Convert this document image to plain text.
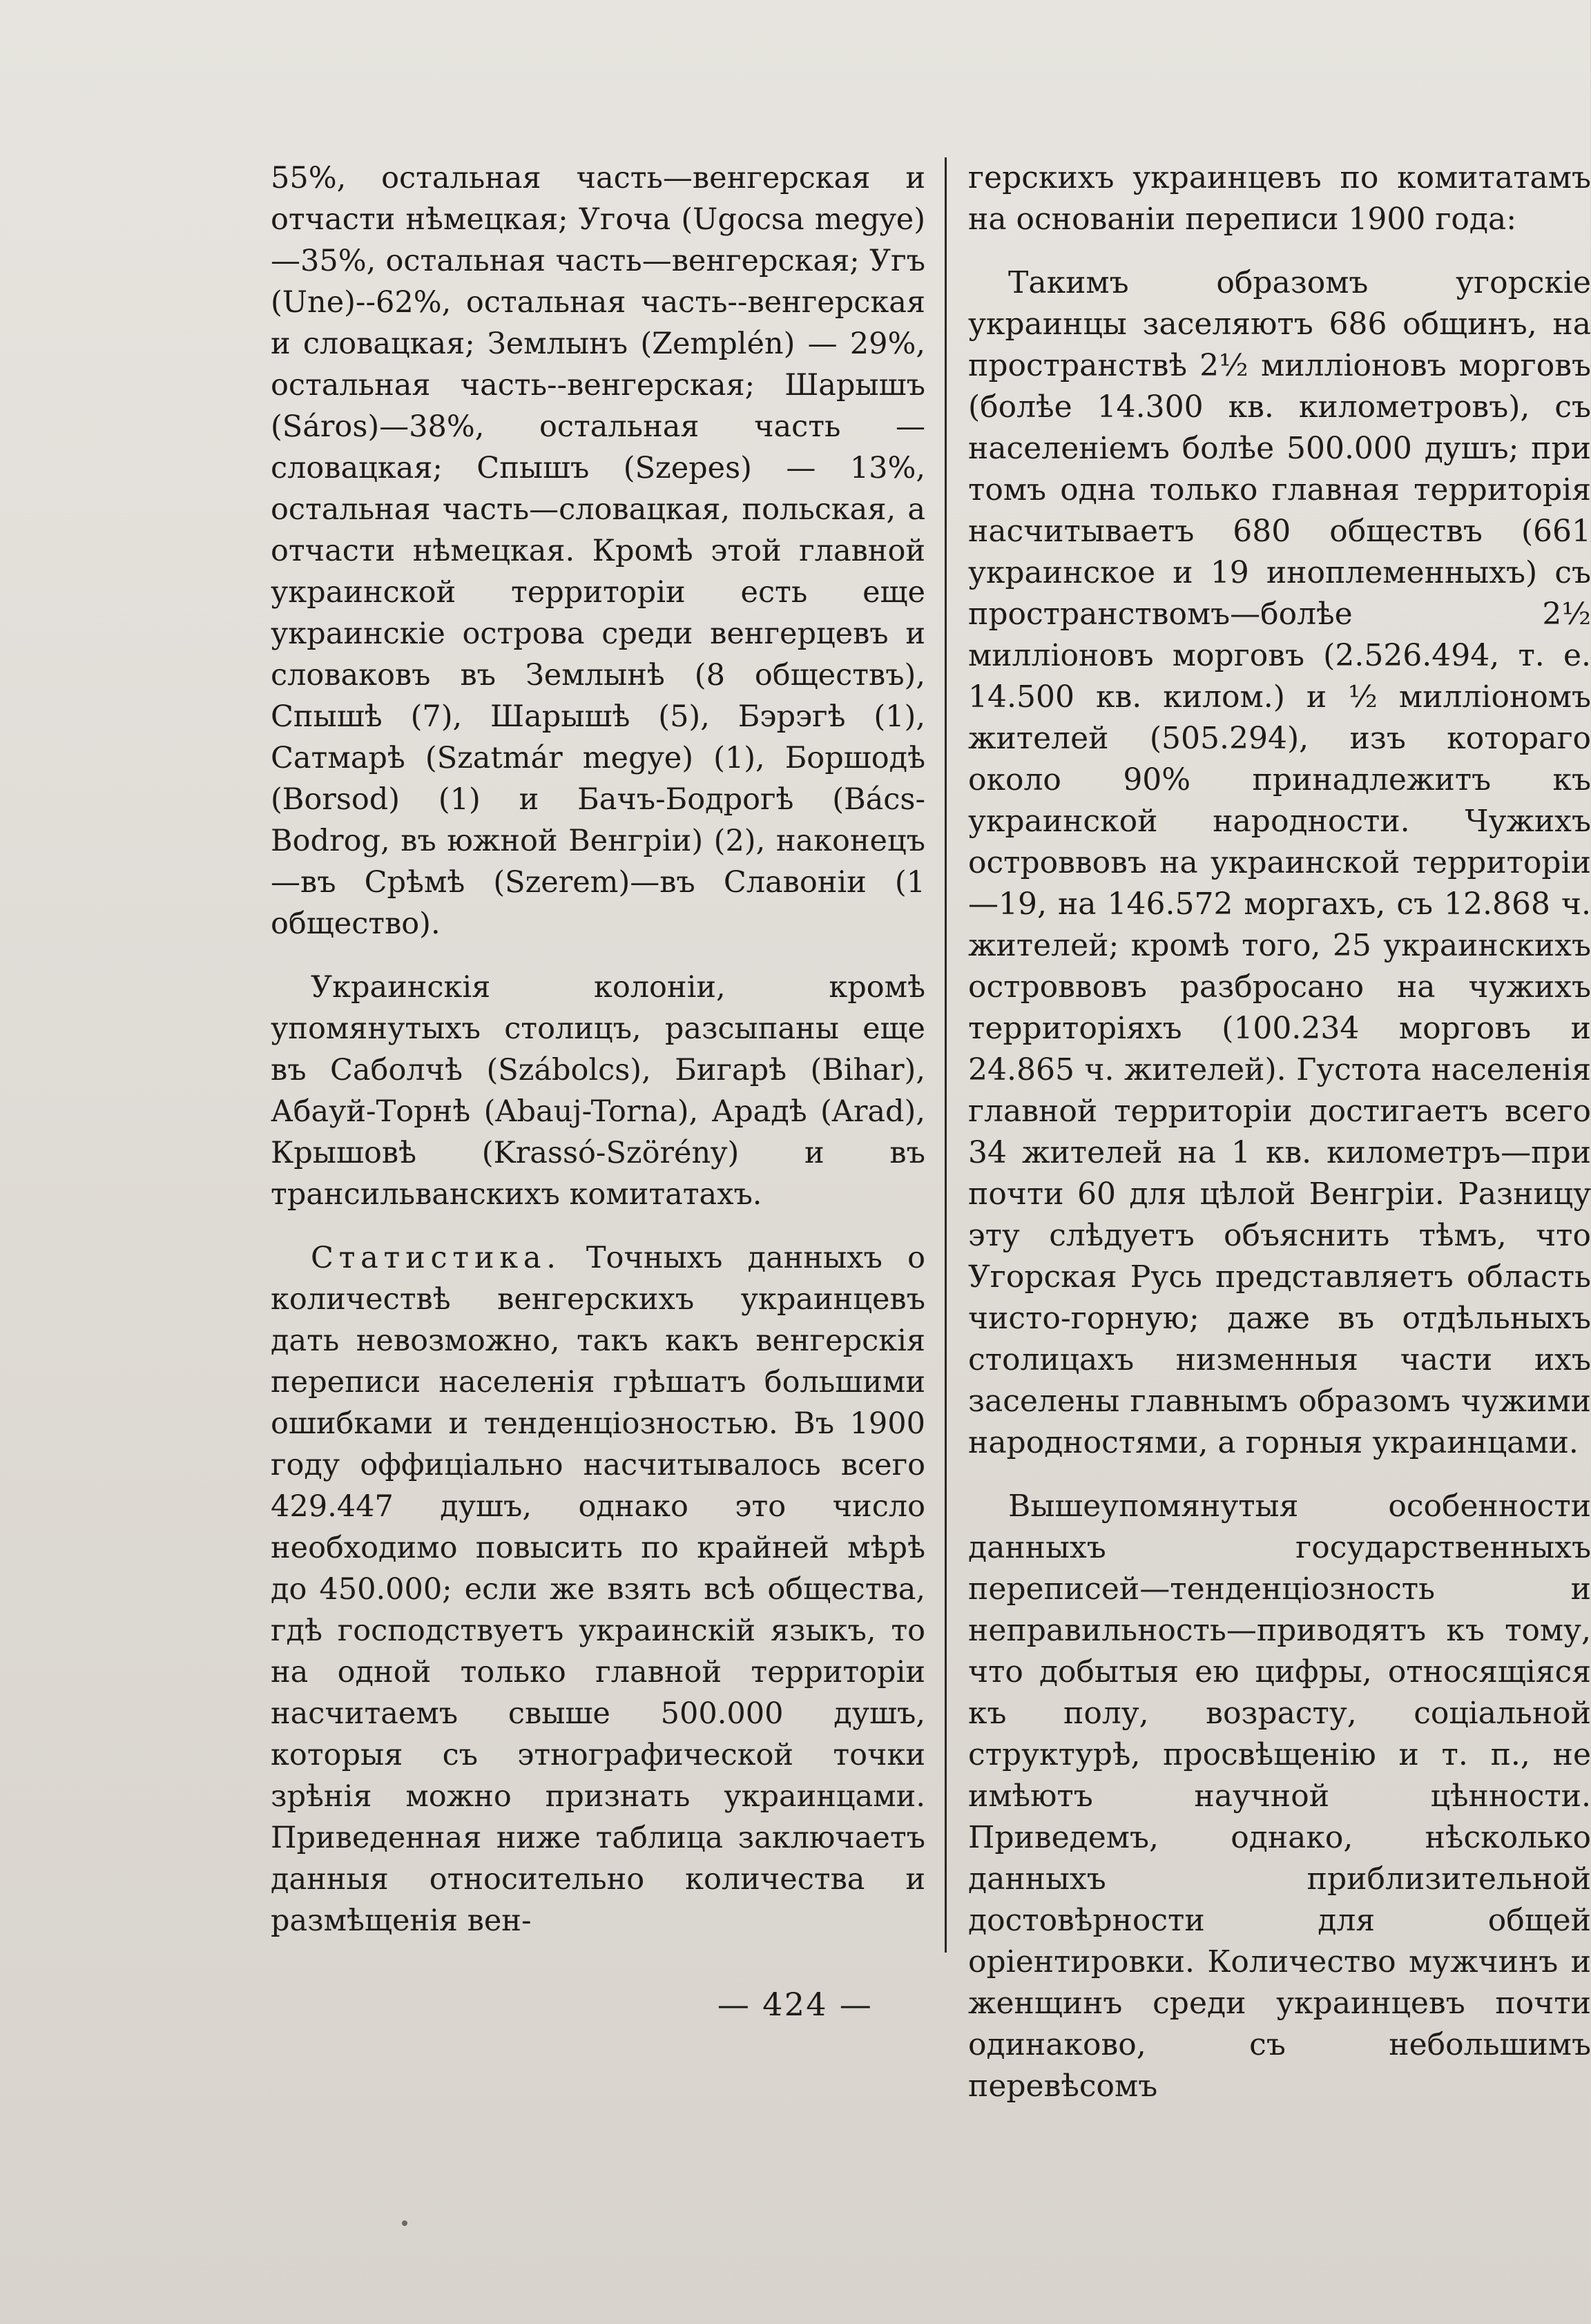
55%, остальная часть—венгерская и отчасти нѣмецкая; Угоча (Ugocsa megye)—35%, остальная часть—венгерская; Угъ (Une)--62%, остальная часть--венгерская и словацкая; Землынъ (Zemplén) — 29%, остальная часть--венгерская; Шарышъ (Sáros)—38%, остальная часть — словацкая; Спышъ (Szepes) — 13%, остальная часть—словацкая, польская, а отчасти нѣмецкая. Кромѣ этой главной украинской территоріи есть еще украинскіе острова среди венгерцевъ и словаковъ въ Землынѣ (8 обществъ), Спышѣ (7), Шарышѣ (5), Бэрэгѣ (1), Сатмарѣ (Szatmár megye) (1), Боршодѣ (Borsod) (1) и Бачъ-Бодрогѣ (Bács-Bodrog, въ южной Венгріи) (2), наконецъ—въ Срѣмѣ (Szerem)—въ Славоніи (1 общество).

Украинскія колоніи, кромѣ упомянутыхъ столицъ, разсыпаны еще въ Саболчѣ (Szábolcs), Бигарѣ (Bihar), Абауй-Торнѣ (Abauj-Torna), Арадѣ (Arad), Крышовѣ (Krassó-Szörény) и въ трансильванскихъ комитатахъ.

Статистика. Точныхъ данныхъ о количествѣ венгерскихъ украинцевъ дать невозможно, такъ какъ венгерскія переписи населенія грѣшатъ большими ошибками и тенденціозностью. Въ 1900 году оффиціально насчитывалось всего 429.447 душъ, однако это число необходимо повысить по крайней мѣрѣ до 450.000; если же взять всѣ общества, гдѣ господствуетъ украинскій языкъ, то на одной только главной территоріи насчитаемъ свыше 500.000 душъ, которыя съ этнографической точки зрѣнія можно признать украинцами. Приведенная ниже таблица заключаетъ данныя относительно количества и размѣщенія вен-

герскихъ украинцевъ по комитатамъ на основаніи переписи 1900 года:

Такимъ образомъ угорскіе украинцы заселяютъ 686 общинъ, на пространствѣ 2½ милліоновъ морговъ (болѣе 14.300 кв. километровъ), съ населеніемъ болѣе 500.000 душъ; при томъ одна только главная территорія насчитываетъ 680 обществъ (661 украинское и 19 иноплеменныхъ) съ пространствомъ—болѣе 2½ милліоновъ морговъ (2.526.494, т. е. 14.500 кв. килом.) и ½ милліономъ жителей (505.294), изъ котораго около 90% принадлежитъ къ украинской народности. Чужихъ островвовъ на украинской территоріи—19, на 146.572 моргахъ, съ 12.868 ч. жителей; кромѣ того, 25 украинскихъ островвовъ разбросано на чужихъ территоріяхъ (100.234 морговъ и 24.865 ч. жителей). Густота населенія главной территоріи достигаетъ всего 34 жителей на 1 кв. километръ—при почти 60 для цѣлой Венгріи. Разницу эту слѣдуетъ объяснить тѣмъ, что Угорская Русь представляетъ область чисто-горную; даже въ отдѣльныхъ столицахъ низменныя части ихъ заселены главнымъ образомъ чужими народностями, а горныя украинцами.

Вышеупомянутыя особенности данныхъ государственныхъ переписей—тенденціозность и неправильность—приводятъ къ тому, что добытыя ею цифры, относящіяся къ полу, возрасту, соціальной структурѣ, просвѣщенію и т. п., не имѣютъ научной цѣнности. Приведемъ, однако, нѣсколько данныхъ приблизительной достовѣрности для общей оріентировки. Количество мужчинъ и женщинъ среди украинцевъ почти одинаково, съ небольшимъ перевѣсомъ

— 424 —
